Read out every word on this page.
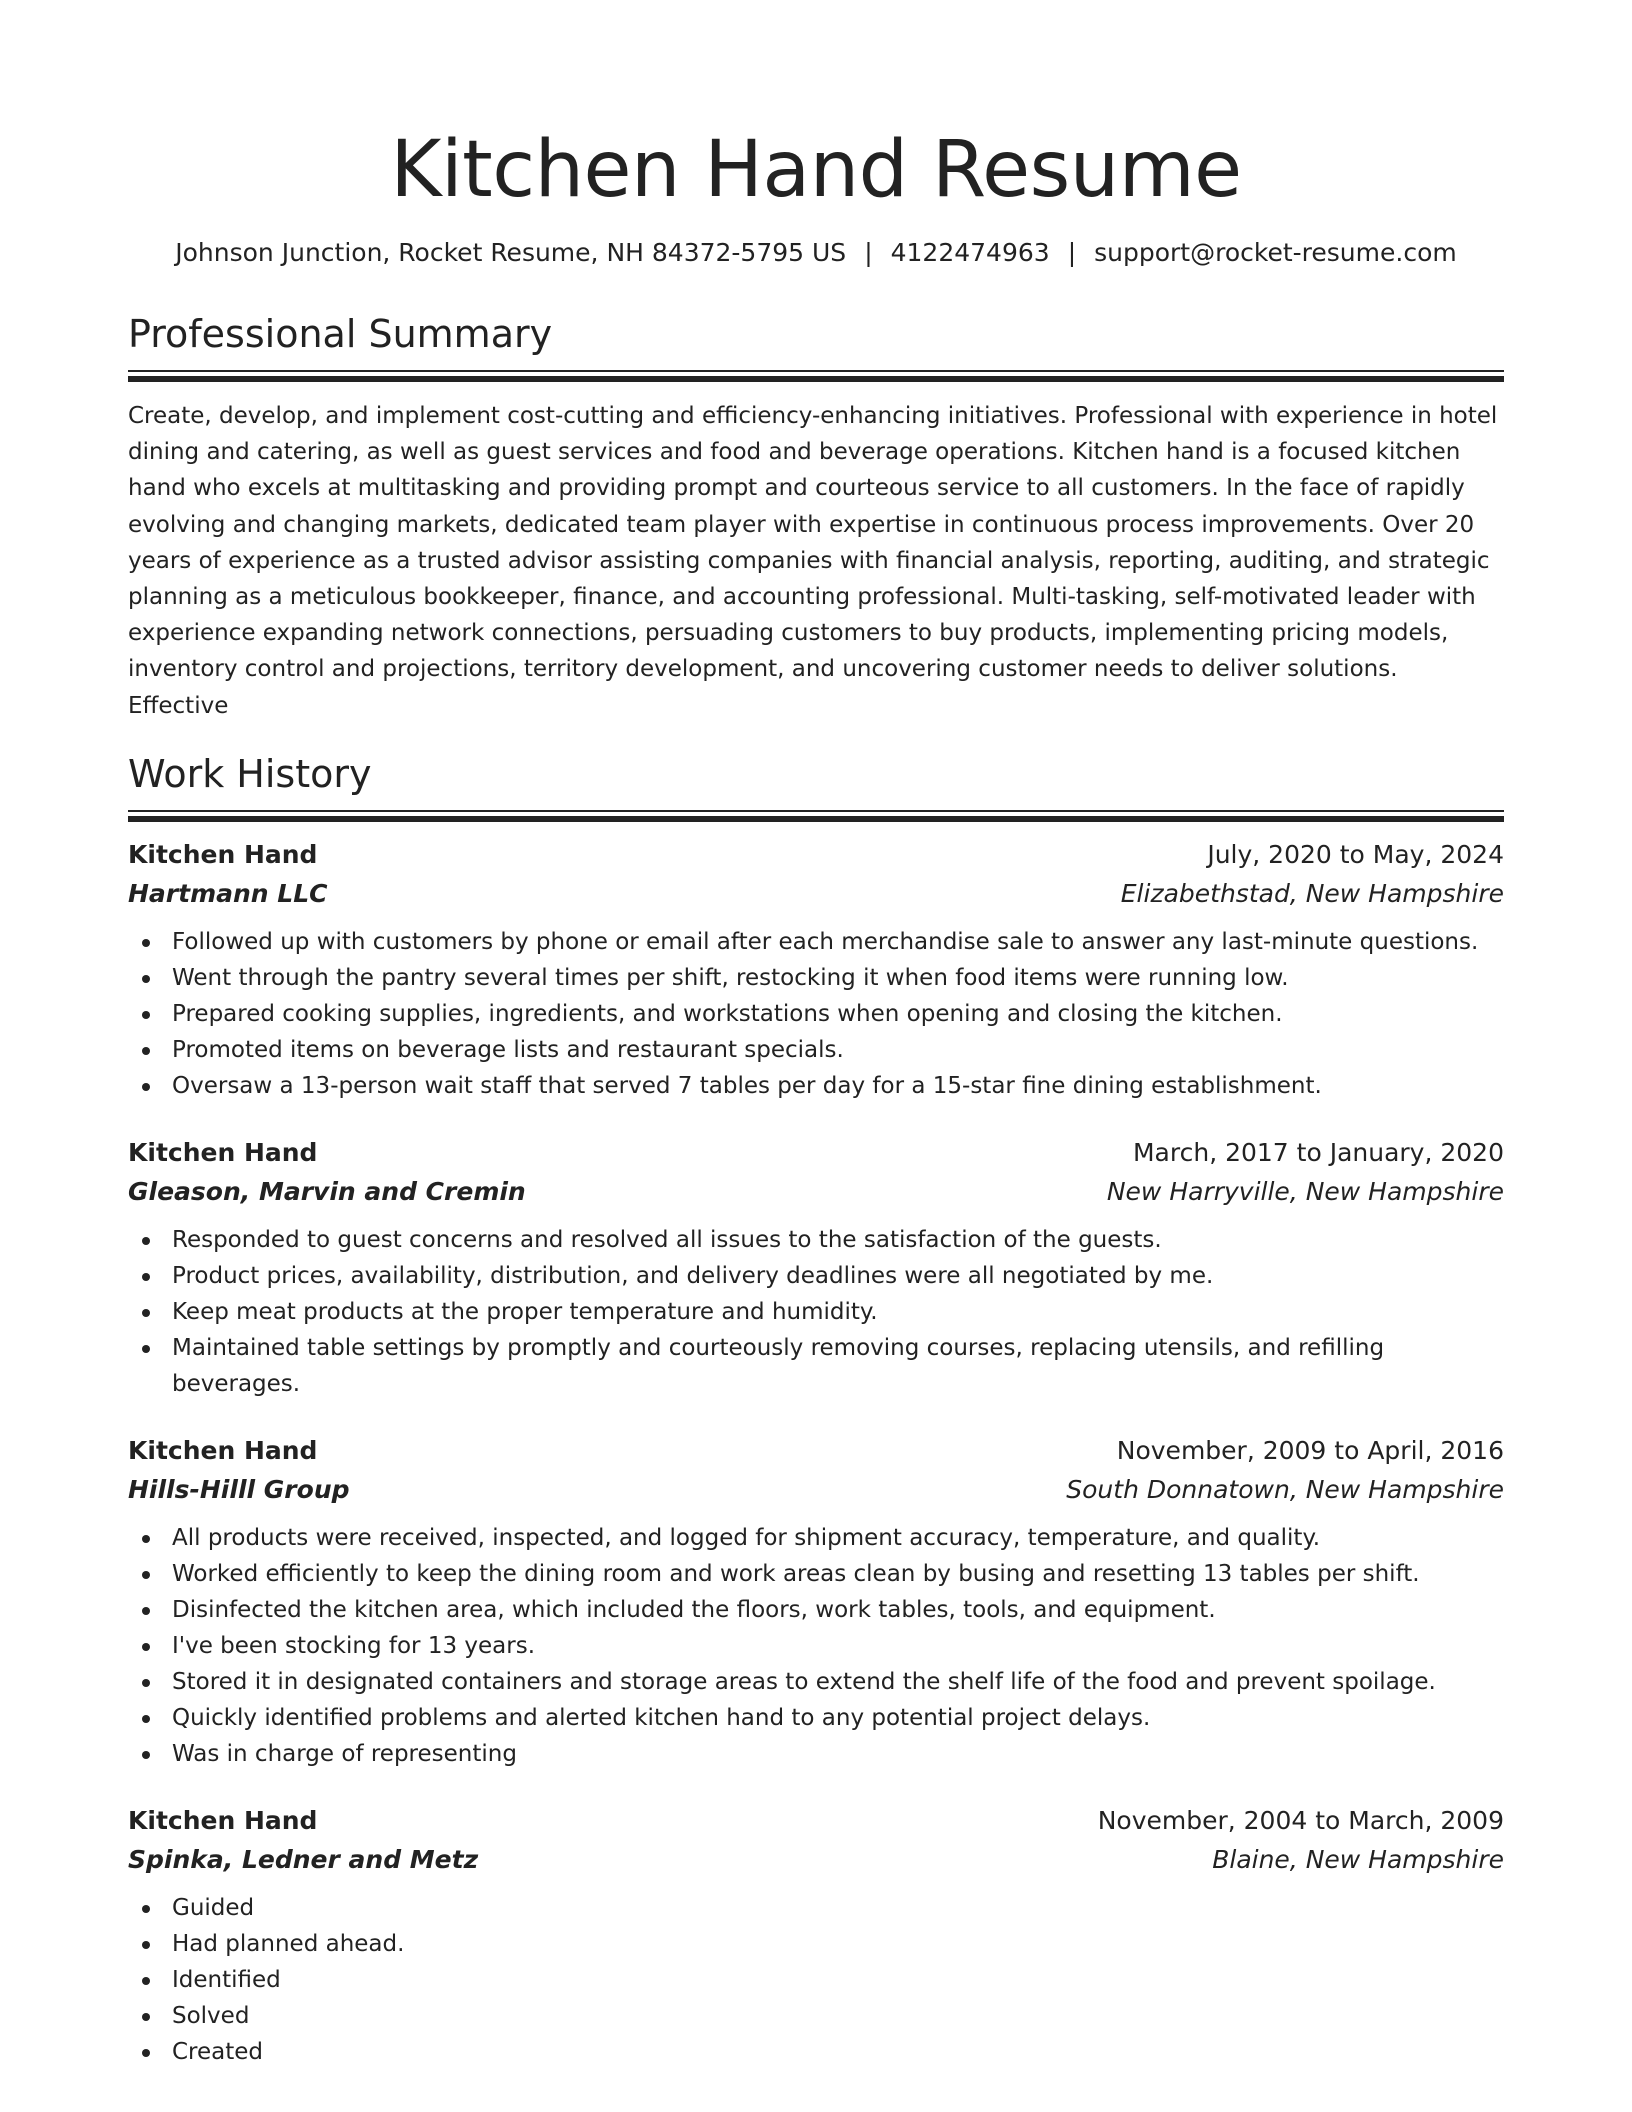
Kitchen Hand Resume
Johnson Junction, Rocket Resume, NH 84372-5795 US | 4122474963 | support@rocket-resume.com
Professional Summary
Create, develop, and implement cost-cutting and efficiency-enhancing initiatives. Professional with experience in hotel dining and catering, as well as guest services and food and beverage operations. Kitchen hand is a focused kitchen hand who excels at multitasking and providing prompt and courteous service to all customers. In the face of rapidly evolving and changing markets, dedicated team player with expertise in continuous process improvements. Over 20 years of experience as a trusted advisor assisting companies with financial analysis, reporting, auditing, and strategic planning as a meticulous bookkeeper, finance, and accounting professional. Multi-tasking, self-motivated leader with experience expanding network connections, persuading customers to buy products, implementing pricing models, inventory control and projections, territory development, and uncovering customer needs to deliver solutions. Effective
Work History
Kitchen Hand	July, 2020 to May, 2024
Hartmann LLC	Elizabethstad, New Hampshire
Followed up with customers by phone or email after each merchandise sale to answer any last-minute questions.
Went through the pantry several times per shift, restocking it when food items were running low.
Prepared cooking supplies, ingredients, and workstations when opening and closing the kitchen.
Promoted items on beverage lists and restaurant specials.
Oversaw a 13-person wait staff that served 7 tables per day for a 15-star fine dining establishment.
Kitchen Hand	March, 2017 to January, 2020
Gleason, Marvin and Cremin	New Harryville, New Hampshire
Responded to guest concerns and resolved all issues to the satisfaction of the guests.
Product prices, availability, distribution, and delivery deadlines were all negotiated by me.
Keep meat products at the proper temperature and humidity.
Maintained table settings by promptly and courteously removing courses, replacing utensils, and refilling beverages.
Kitchen Hand	November, 2009 to April, 2016
Hills-Hilll Group	South Donnatown, New Hampshire
All products were received, inspected, and logged for shipment accuracy, temperature, and quality.
Worked efficiently to keep the dining room and work areas clean by busing and resetting 13 tables per shift.
Disinfected the kitchen area, which included the floors, work tables, tools, and equipment.
I've been stocking for 13 years.
Stored it in designated containers and storage areas to extend the shelf life of the food and prevent spoilage.
Quickly identified problems and alerted kitchen hand to any potential project delays.
Was in charge of representing
Kitchen Hand	November, 2004 to March, 2009
Spinka, Ledner and Metz	Blaine, New Hampshire
Guided
Had planned ahead.
Identified
Solved
Created
